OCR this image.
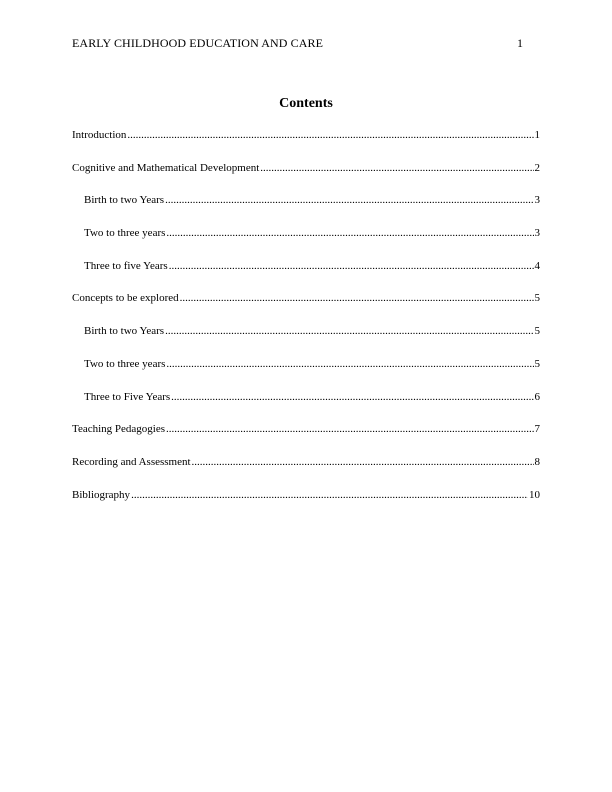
EARLY CHILDHOOD EDUCATION AND CARE	1
Contents
Introduction .....	1
Cognitive and Mathematical Development .....	2
Birth to two Years .....	3
Two to three years .....	3
Three to five Years .....	4
Concepts to be explored .....	5
Birth to two Years .....	5
Two to three years .....	5
Three to Five Years .....	6
Teaching Pedagogies .....	7
Recording and Assessment .....	8
Bibliography .....	10
